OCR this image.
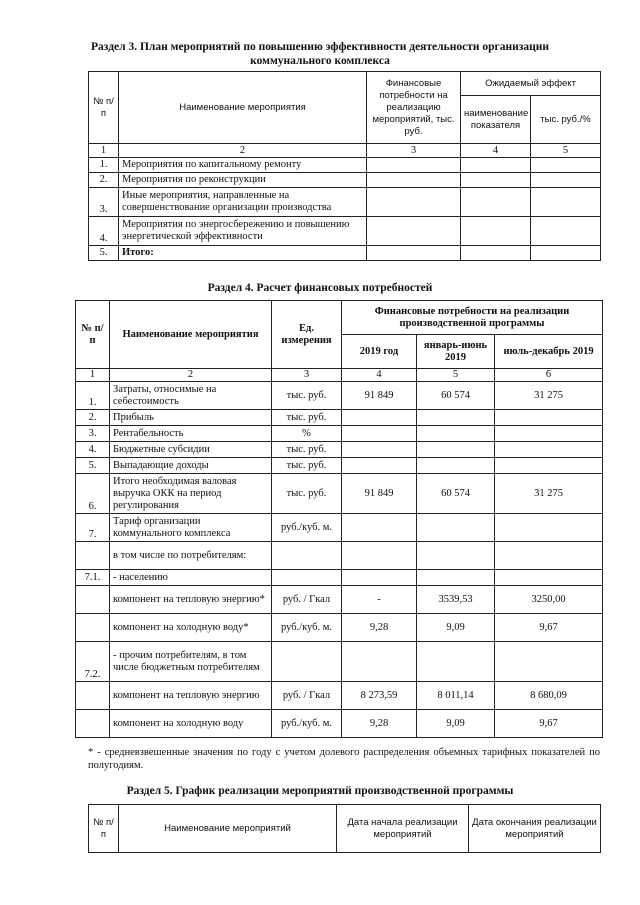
Раздел 3. План мероприятий по повышению эффективности деятельности организации
коммунального комплекса
№ п/п	Наименование мероприятия	Финансовые потребности на реализацию мероприятий, тыс. руб.	Ожидаемый эффект	
			наименование показателя	тыс. руб./%
1	2	3	4	5
1.	Мероприятия по капитальному ремонту			
2.	Мероприятия по реконструкции			
3.	Иные мероприятия, направленные на совершенствование организации производства			
4.	Мероприятия по энергосбережению и повышению энергетической эффективности			
5.	Итого:			
Раздел 4. Расчет финансовых потребностей
№ п/п	Наименование мероприятия	Ед. измерения	Финансовые потребности на реализации производственной программы		
			2019 год	январь-июнь 2019	июль-декабрь 2019
1	2	3	4	5	6
1.	Затраты, относимые на себестоимость	тыс. руб.	91 849	60 574	31 275
2.	Прибыль	тыс. руб.			
3.	Рентабельность	%			
4.	Бюджетные субсидии	тыс. руб.			
5.	Выпадающие доходы	тыс. руб.			
6.	Итого необходимая валовая выручка ОКК на период регулирования	тыс. руб.	91 849	60 574	31 275
7.	Тариф организации коммунального комплекса	руб./куб. м.			
	в том числе по потребителям:				
7.1.	- населению				
	компонент на тепловую энергию*	руб. / Гкал	-	3539,53	3250,00
	компонент на холодную воду*	руб./куб. м.	9,28	9,09	9,67
7.2.	- прочим потребителям, в том числе бюджетным потребителям				
	компонент на тепловую энергию	руб. / Гкал	8 273,59	8 011,14	8 680,09
	компонент на холодную воду	руб./куб. м.	9,28	9,09	9,67
* - средневзвешенные значения по году с учетом долевого распределения объемных тарифных показателей по полугодиям.
Раздел 5. График реализации мероприятий производственной программы
№ п/п	Наименование мероприятий	Дата начала реализации мероприятий	Дата окончания реализации мероприятий
